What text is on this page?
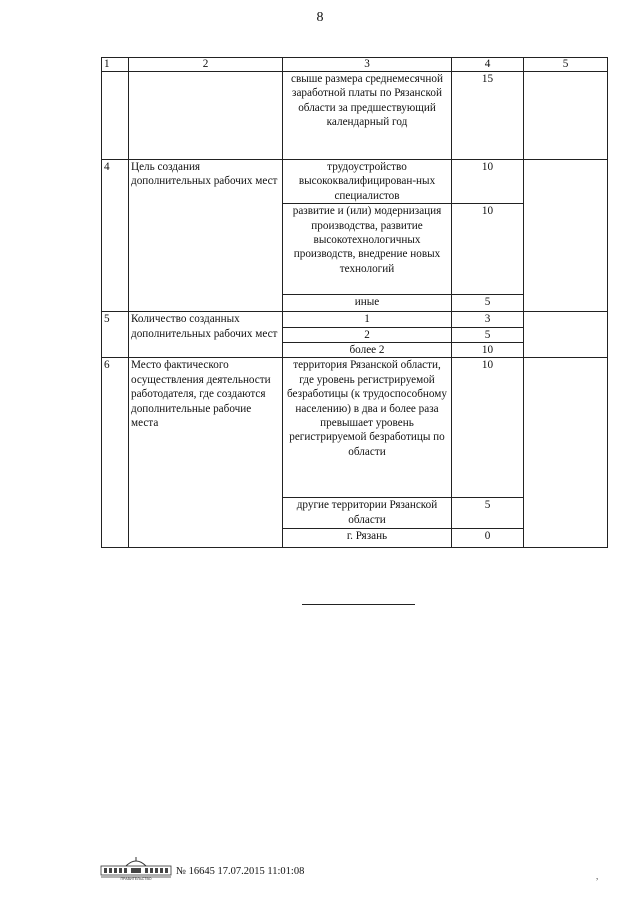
8
1	2	3	4	5
		свыше размера среднемесячной заработной платы по Рязанской области за предшествующий календарный год	15	
4	Цель создания дополнительных рабочих мест	трудоустройство высококвалифицирован-ных специалистов	10	
		развитие и (или) модернизация производства, развитие высокотехнологичных производств, внедрение новых технологий	10	
		иные	5	
5	Количество созданных дополнительных рабочих мест	1	3	
		2	5	
		более 2	10	
6	Место фактического осуществления деятельности работодателя, где создаются дополнительные рабочие места	территория Рязанской области, где уровень регистрируемой безработицы (к трудоспособному населению) в два и более раза превышает уровень регистрируемой безработицы по области	10	
		другие территории Рязанской области	5	
		г. Рязань	0	
ПРАВИТЕЛЬСТВО
№ 16645 17.07.2015 11:01:08	,
